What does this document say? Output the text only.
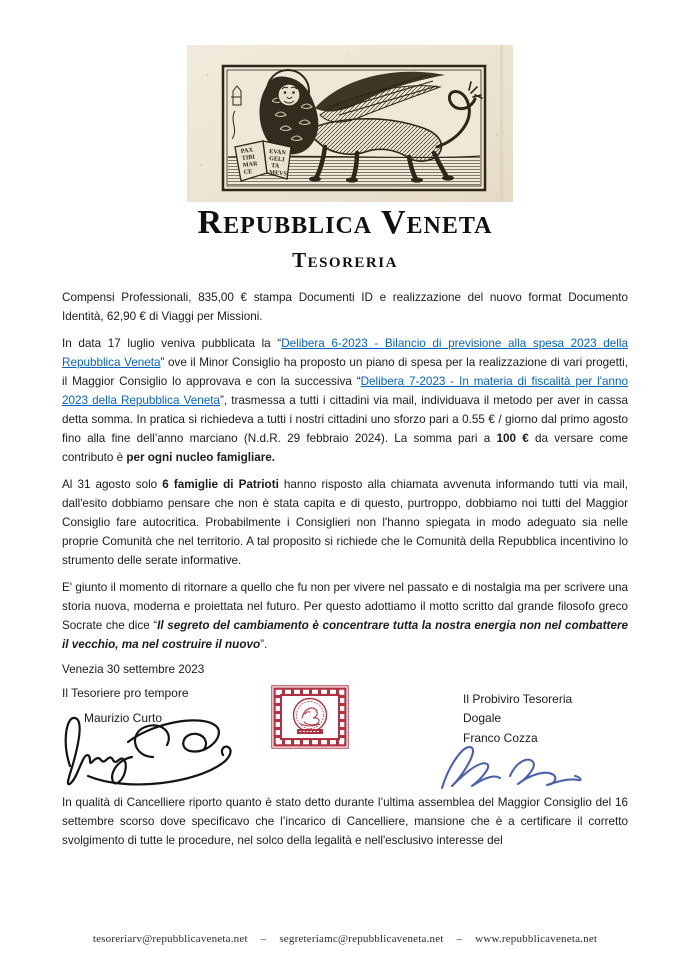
PAX
TIBI
MAR
CE
EVAN
GELI
TA
MEVS
Repubblica Veneta
Tesoreria

Compensi Professionali, 835,00 € stampa Documenti ID e realizzazione del nuovo format Documento Identità, 62,90 € di Viaggi per Missioni.

In data 17 luglio veniva pubblicata la “Delibera 6-2023 - Bilancio di previsione alla spesa 2023 della Repubblica Veneta” ove il Minor Consiglio ha proposto un piano di spesa per la realizzazione di vari progetti, il Maggior Consiglio lo approvava e con la successiva “Delibera 7-2023 - In materia di fiscalità per l'anno 2023 della Repubblica Veneta”, trasmessa a tutti i cittadini via mail, individuava il metodo per aver in cassa detta somma. In pratica si richiedeva a tutti i nostri cittadini uno sforzo pari a 0.55 € / giorno dal primo agosto fino alla fine dell’anno marciano (N.d.R. 29 febbraio 2024). La somma pari a 100 € da versare come contributo è per ogni nucleo famigliare.

Al 31 agosto solo 6 famiglie di Patrioti hanno risposto alla chiamata avvenuta informando tutti via mail, dall'esito dobbiamo pensare che non è stata capita e di questo, purtroppo, dobbiamo noi tutti del Maggior Consiglio fare autocritica. Probabilmente i Consiglieri non l'hanno spiegata in modo adeguato sia nelle proprie Comunità che nel territorio. A tal proposito si richiede che le Comunità della Repubblica incentivino lo strumento delle serate informative.

E' giunto il momento di ritornare a quello che fu non per vivere nel passato e di nostalgia ma per scrivere una storia nuova, moderna e proiettata nel futuro. Per questo adottiamo il motto scritto dal grande filosofo greco Socrate che dice “Il segreto del cambiamento è concentrare tutta la nostra energia non nel combattere il vecchio, ma nel costruire il nuovo”.

Venezia 30 settembre 2023

Il Tesoriere pro tempore
Maurizio Curto
Il Probiviro Tesoreria
Dogale
Franco Cozza

In qualità di Cancelliere riporto quanto è stato detto durante l’ultima assemblea del Maggior Consiglio del 16 settembre scorso dove specificavo che l’incarico di Cancelliere, mansione che è a certificare il corretto svolgimento di tutte le procedure, nel solco della legalità e nell'esclusivo interesse del

tesoreriarv@repubblicaveneta.net – segreteriamc@repubblicaveneta.net – www.repubblicaveneta.net
